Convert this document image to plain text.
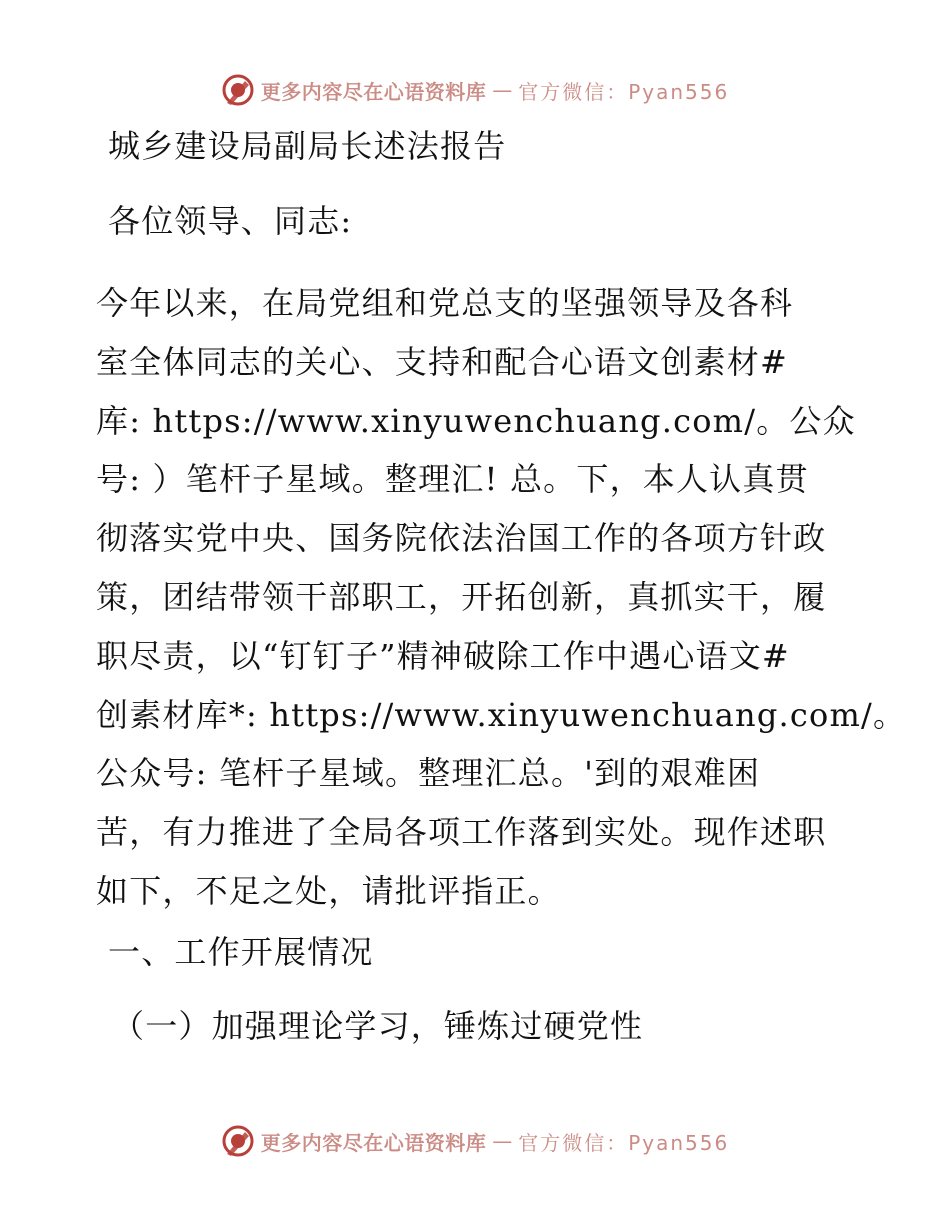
更多内容尽在心语资料库 — 官方微信：Pyan556

城乡建设局副局长述法报告

各位领导、同志:

今年以来，在局党组和党总支的坚强领导及各科
室全体同志的关心、支持和配合心语文创素材#
库: https://www.xinyuwenchuang.com/。公众
号: ）笔杆子星域。整理汇! 总。下，本人认真贯
彻落实党中央、国务院依法治国工作的各项方针政
策，团结带领干部职工，开拓创新，真抓实干，履
职尽责，以“钉钉子”精神破除工作中遇心语文#
创素材库*: https://www.xinyuwenchuang.com/。
公众号: 笔杆子星域。整理汇总。'到的艰难困
苦，有力推进了全局各项工作落到实处。现作述职
如下，不足之处，请批评指正。

一、工作开展情况

（一）加强理论学习，锤炼过硬党性

更多内容尽在心语资料库 — 官方微信：Pyan556
